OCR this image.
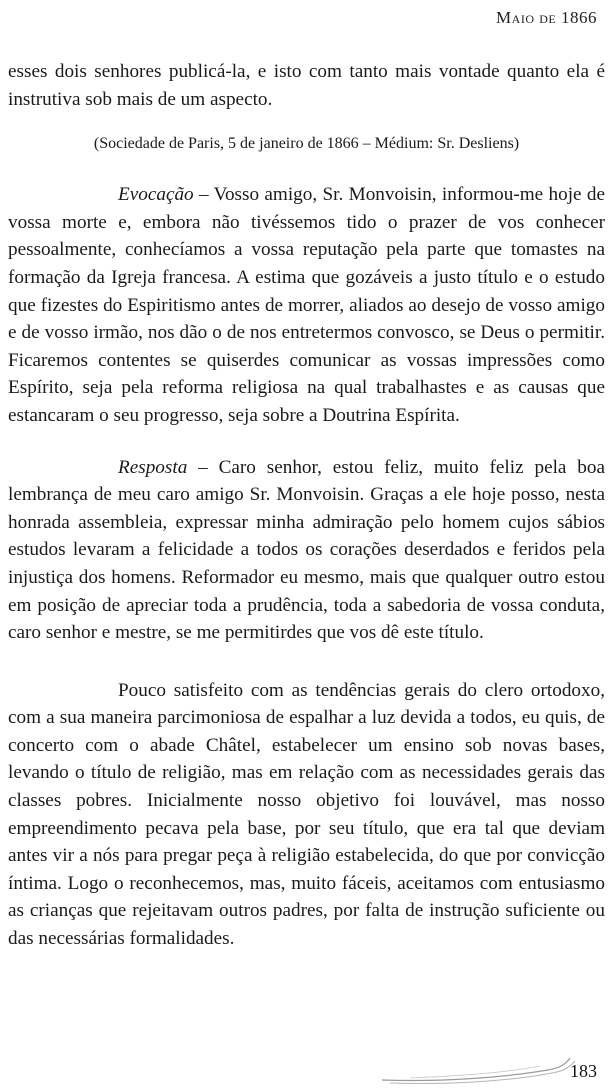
Maio de 1866

esses dois senhores publicá-la, e isto com tanto mais vontade quanto ela é instrutiva sob mais de um aspecto.

(Sociedade de Paris, 5 de janeiro de 1866 – Médium: Sr. Desliens)

Evocação – Vosso amigo, Sr. Monvoisin, informou-me hoje de vossa morte e, embora não tivéssemos tido o prazer de vos conhecer pessoalmente, conhecíamos a vossa reputação pela parte que tomastes na formação da Igreja francesa. A estima que gozáveis a justo título e o estudo que fizestes do Espiritismo antes de morrer, aliados ao desejo de vosso amigo e de vosso irmão, nos dão o de nos entretermos convosco, se Deus o permitir. Ficaremos contentes se quiserdes comunicar as vossas impressões como Espírito, seja pela reforma religiosa na qual trabalhastes e as causas que estancaram o seu progresso, seja sobre a Doutrina Espírita.

Resposta – Caro senhor, estou feliz, muito feliz pela boa lembrança de meu caro amigo Sr. Monvoisin. Graças a ele hoje posso, nesta honrada assembleia, expressar minha admiração pelo homem cujos sábios estudos levaram a felicidade a todos os corações deserdados e feridos pela injustiça dos homens. Reformador eu mesmo, mais que qualquer outro estou em posição de apreciar toda a prudência, toda a sabedoria de vossa conduta, caro senhor e mestre, se me permitirdes que vos dê este título.

Pouco satisfeito com as tendências gerais do clero ortodoxo, com a sua maneira parcimoniosa de espalhar a luz devida a todos, eu quis, de concerto com o abade Châtel, estabelecer um ensino sob novas bases, levando o título de religião, mas em relação com as necessidades gerais das classes pobres. Inicialmente nosso objetivo foi louvável, mas nosso empreendimento pecava pela base, por seu título, que era tal que deviam antes vir a nós para pregar peça à religião estabelecida, do que por convicção íntima. Logo o reconhecemos, mas, muito fáceis, aceitamos com entusiasmo as crianças que rejeitavam outros padres, por falta de instrução suficiente ou das necessárias formalidades.

183
